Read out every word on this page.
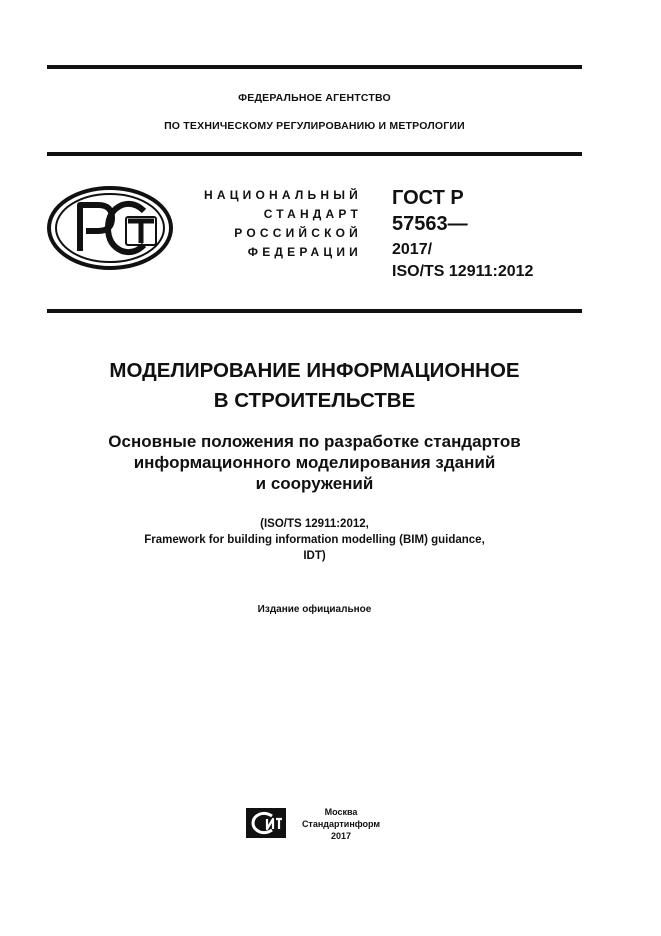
ФЕДЕРАЛЬНОЕ АГЕНТСТВО
ПО ТЕХНИЧЕСКОМУ РЕГУЛИРОВАНИЮ И МЕТРОЛОГИИ
НАЦИОНАЛЬНЫЙ
СТАНДАРТ
РОССИЙСКОЙ
ФЕДЕРАЦИИ
ГОСТ Р
57563—
2017/
ISO/TS 12911:2012
МОДЕЛИРОВАНИЕ ИНФОРМАЦИОННОЕ
В СТРОИТЕЛЬСТВЕ
Основные положения по разработке стандартов
информационного моделирования зданий
и сооружений
(ISO/TS 12911:2012,
Framework for building information modelling (BIM) guidance,
IDT)
Издание официальное
Москва
Стандартинформ
2017
